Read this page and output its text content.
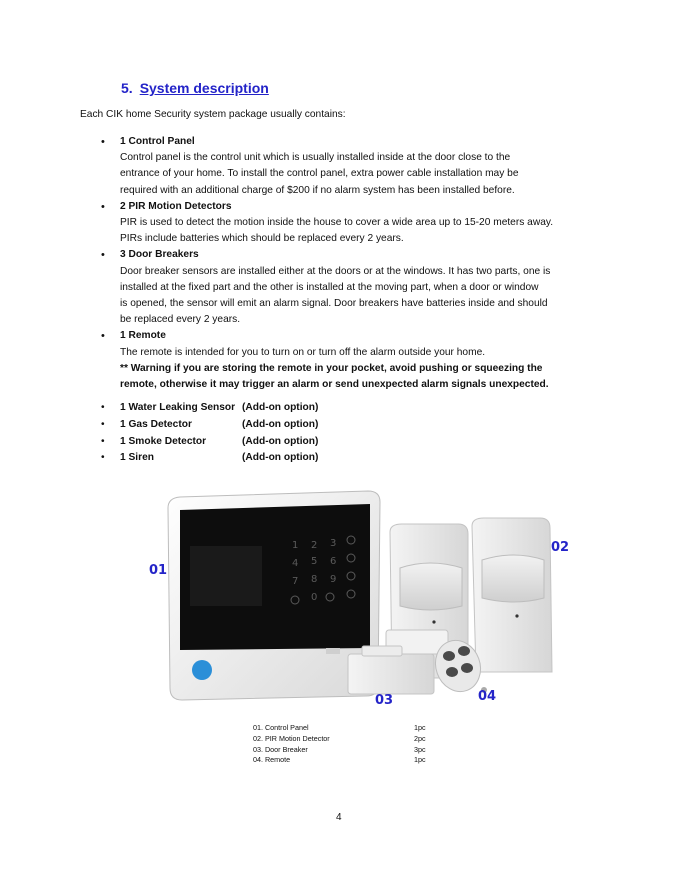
5. System description
Each CIK home Security system package usually contains:
• 1 Control Panel
Control panel is the control unit which is usually installed inside at the door close to the
entrance of your home. To install the control panel, extra power cable installation may be
required with an additional charge of $200 if no alarm system has been installed before.
• 2 PIR Motion Detectors
PIR is used to detect the motion inside the house to cover a wide area up to 15-20 meters away.
PIRs include batteries which should be replaced every 2 years.
• 3 Door Breakers
Door breaker sensors are installed either at the doors or at the windows. It has two parts, one is
installed at the fixed part and the other is installed at the moving part, when a door or window
is opened, the sensor will emit an alarm signal. Door breakers have batteries inside and should
be replaced every 2 years.
• 1 Remote
The remote is intended for you to turn on or turn off the alarm outside your home.
** Warning if you are storing the remote in your pocket, avoid pushing or squeezing the
remote, otherwise it may trigger an alarm or send unexpected alarm signals unexpected.
• 1 Water Leaking Sensor (Add-on option)
• 1 Gas Detector	(Add-on option)
• 1 Smoke Detector	(Add-on option)
• 1 Siren	(Add-on option)
1 2 3
4 5 6
7 8 9
0
01
02
03	04
01. Control Panel	1pc
02. PIR Motion Detector	2pc
03. Door Breaker	3pc
04. Remote	1pc
4
